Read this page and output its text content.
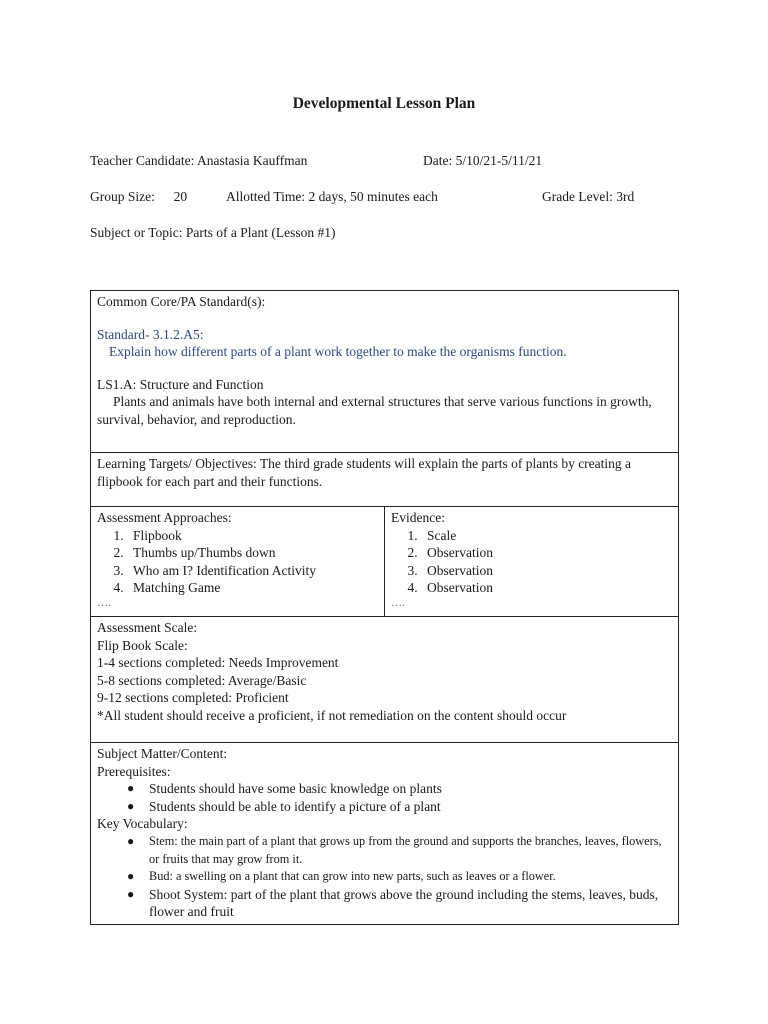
Developmental Lesson Plan
Teacher Candidate: Anastasia Kauffman	Date: 5/10/21-5/11/21
Group Size: 20	Allotted Time: 2 days, 50 minutes each	Grade Level: 3rd
Subject or Topic: Parts of a Plant (Lesson #1)
Common Core/PA Standard(s):
Standard- 3.1.2.A5:
Explain how different parts of a plant work together to make the organisms function.
LS1.A: Structure and Function
Plants and animals have both internal and external structures that serve various functions in growth, survival, behavior, and reproduction.

Learning Targets/ Objectives: The third grade students will explain the parts of plants by creating a flipbook for each part and their functions.

Assessment Approaches:
1. Flipbook
2. Thumbs up/Thumbs down
3. Who am I? Identification Activity
4. Matching Game
….

Evidence:
1. Scale
2. Observation
3. Observation
4. Observation
….

Assessment Scale:
Flip Book Scale:
1-4 sections completed: Needs Improvement
5-8 sections completed: Average/Basic
9-12 sections completed: Proficient
*All student should receive a proficient, if not remediation on the content should occur

Subject Matter/Content:
Prerequisites:
● Students should have some basic knowledge on plants
● Students should be able to identify a picture of a plant
Key Vocabulary:
● Stem: the main part of a plant that grows up from the ground and supports the branches, leaves, flowers, or fruits that may grow from it.
● Bud: a swelling on a plant that can grow into new parts, such as leaves or a flower.
● Shoot System: part of the plant that grows above the ground including the stems, leaves, buds, flower and fruit
